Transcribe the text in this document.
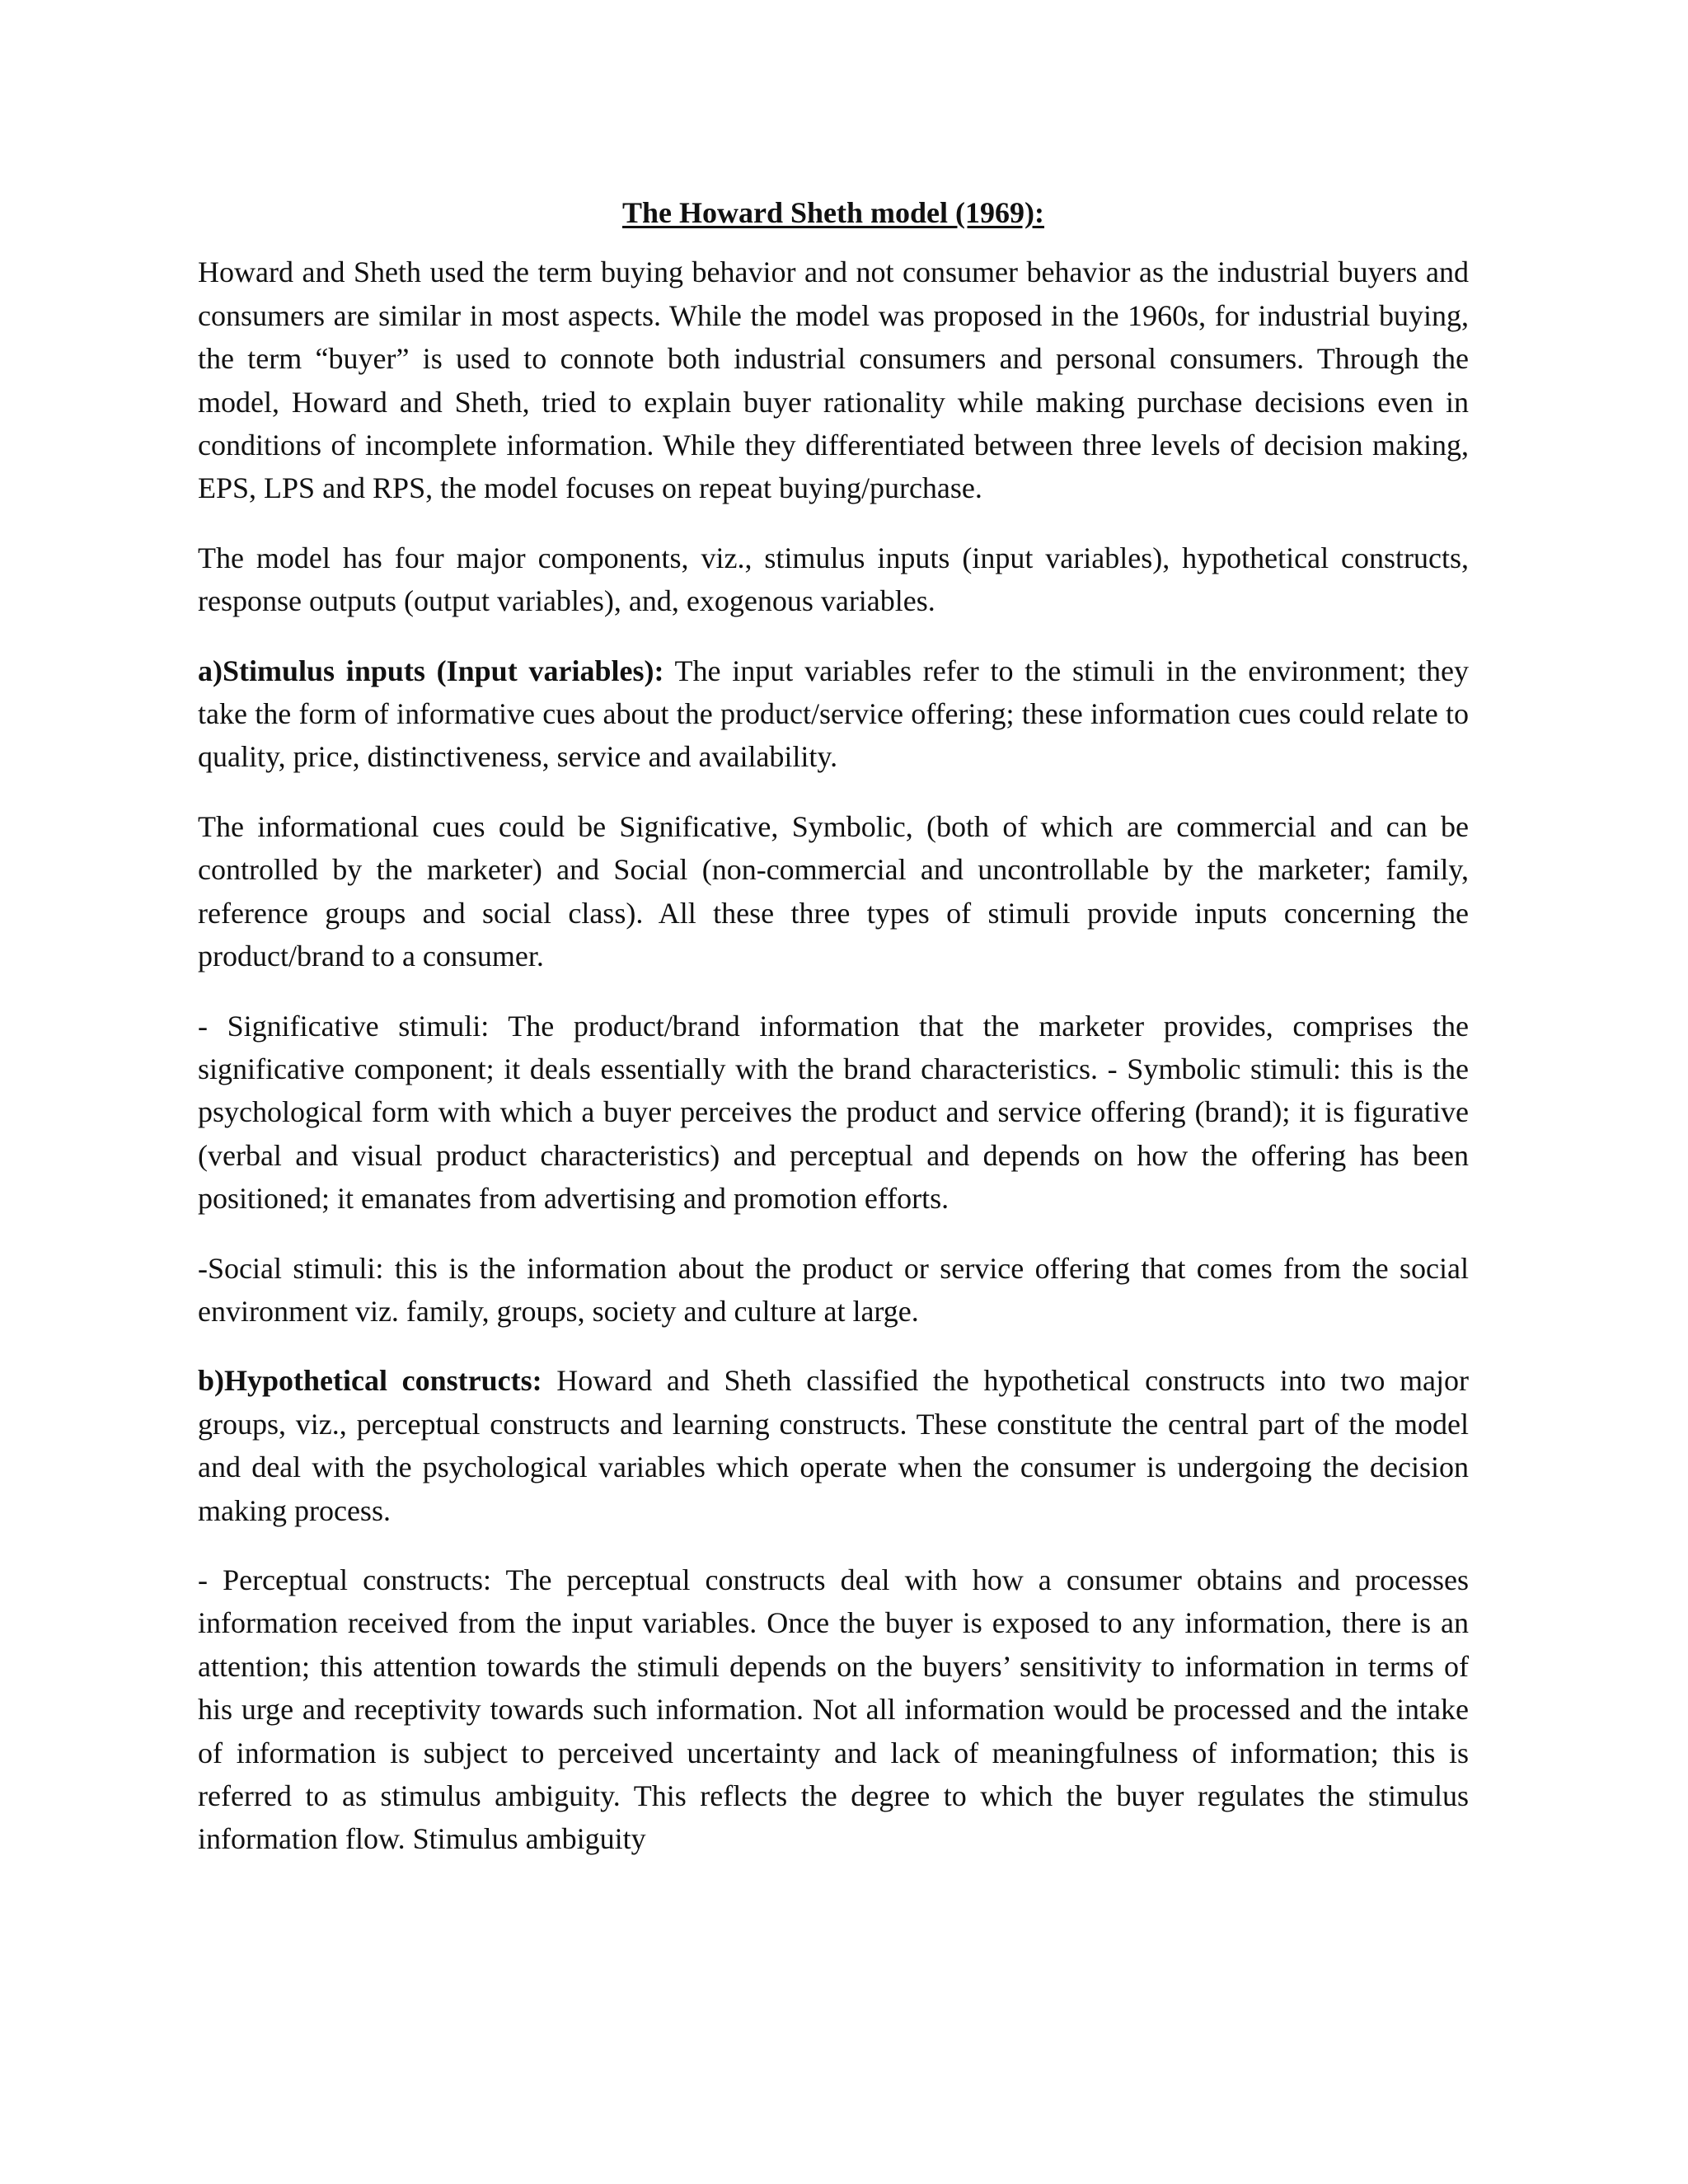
The Howard Sheth model (1969):

Howard and Sheth used the term buying behavior and not consumer behavior as the industrial buyers and consumers are similar in most aspects. While the model was proposed in the 1960s, for industrial buying, the term “buyer” is used to connote both industrial consumers and personal consumers. Through the model, Howard and Sheth, tried to explain buyer rationality while making purchase decisions even in conditions of incomplete information. While they differentiated between three levels of decision making, EPS, LPS and RPS, the model focuses on repeat buying/purchase.

The model has four major components, viz., stimulus inputs (input variables), hypothetical constructs, response outputs (output variables), and, exogenous variables.

a)Stimulus inputs (Input variables): The input variables refer to the stimuli in the environment; they take the form of informative cues about the product/service offering; these information cues could relate to quality, price, distinctiveness, service and availability.

The informational cues could be Significative, Symbolic, (both of which are commercial and can be controlled by the marketer) and Social (non-commercial and uncontrollable by the marketer; family, reference groups and social class). All these three types of stimuli provide inputs concerning the product/brand to a consumer.

- Significative stimuli: The product/brand information that the marketer provides, comprises the significative component; it deals essentially with the brand characteristics. - Symbolic stimuli: this is the psychological form with which a buyer perceives the product and service offering (brand); it is figurative (verbal and visual product characteristics) and perceptual and depends on how the offering has been positioned; it emanates from advertising and promotion efforts.

-Social stimuli: this is the information about the product or service offering that comes from the social environment viz. family, groups, society and culture at large.

b)Hypothetical constructs: Howard and Sheth classified the hypothetical constructs into two major groups, viz., perceptual constructs and learning constructs. These constitute the central part of the model and deal with the psychological variables which operate when the consumer is undergoing the decision making process.

- Perceptual constructs: The perceptual constructs deal with how a consumer obtains and processes information received from the input variables. Once the buyer is exposed to any information, there is an attention; this attention towards the stimuli depends on the buyers’ sensitivity to information in terms of his urge and receptivity towards such information. Not all information would be processed and the intake of information is subject to perceived uncertainty and lack of meaningfulness of information; this is referred to as stimulus ambiguity. This reflects the degree to which the buyer regulates the stimulus information flow. Stimulus ambiguity
